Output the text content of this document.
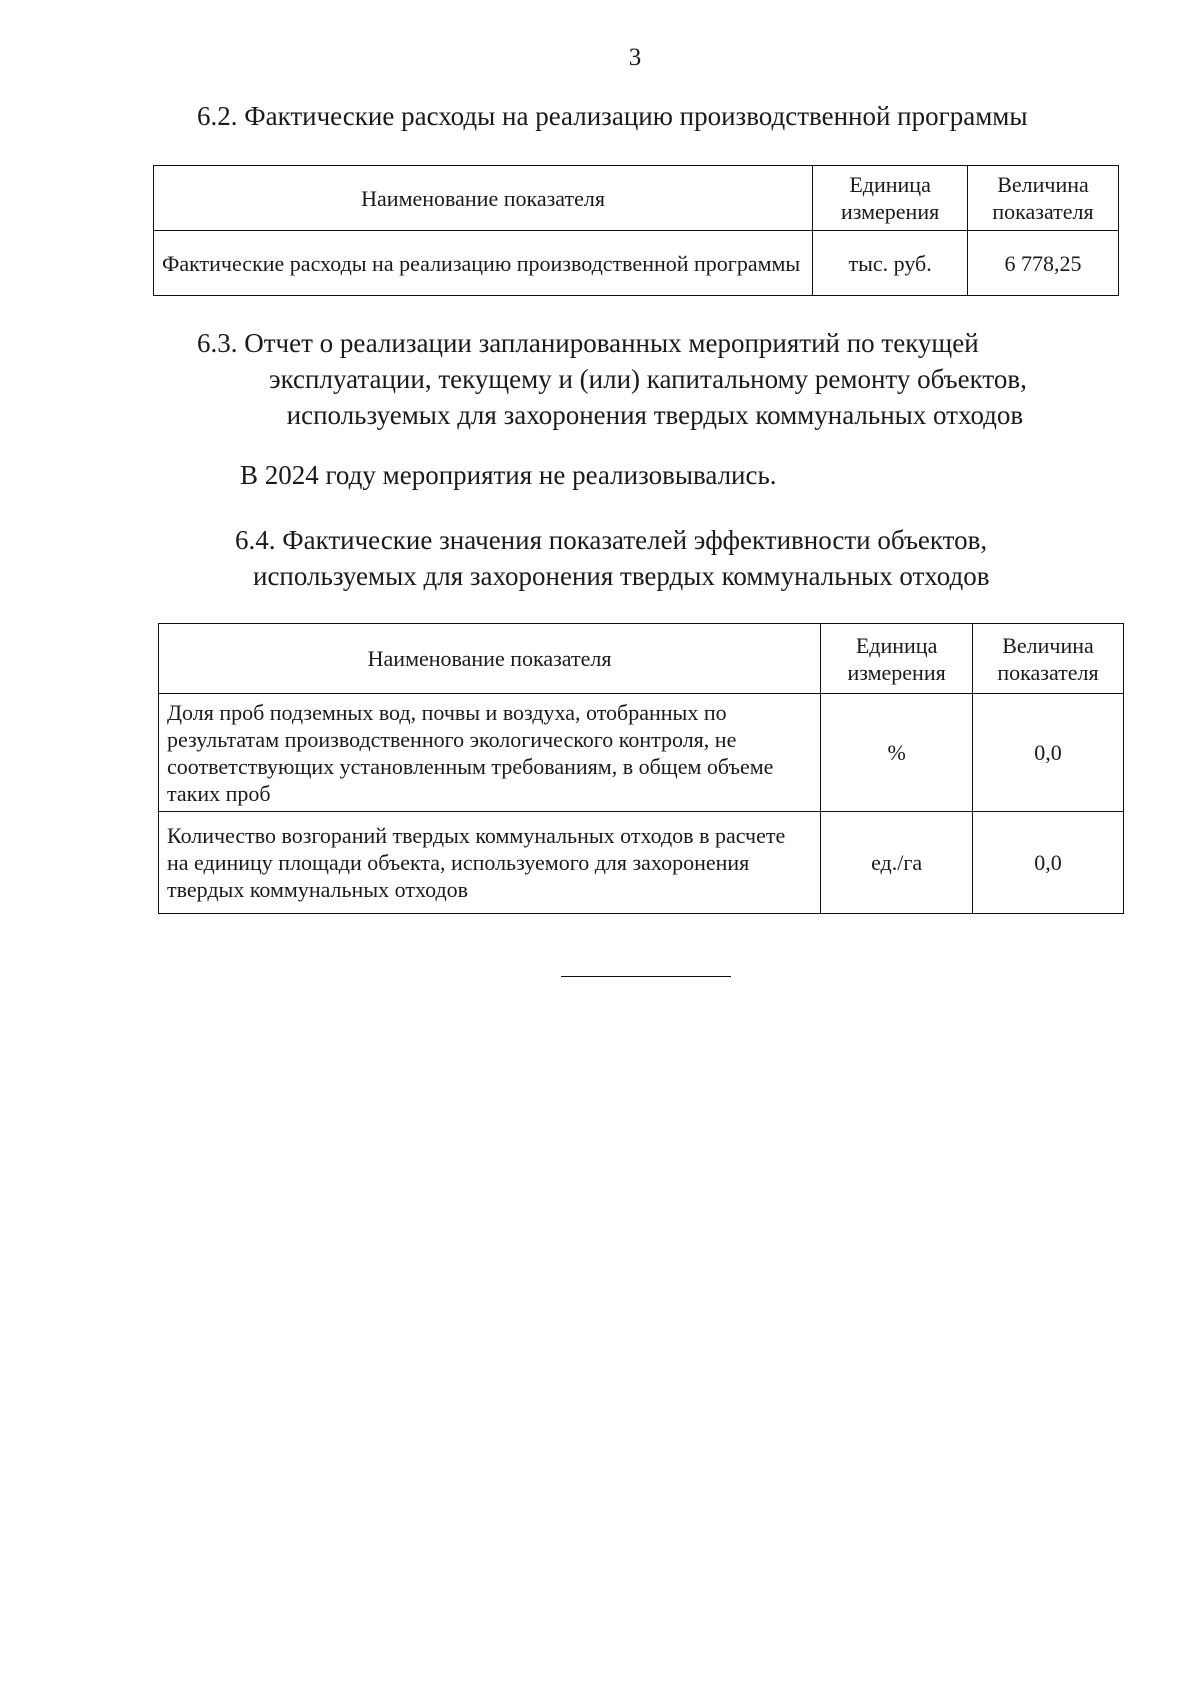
3
6.2. Фактические расходы на реализацию производственной программы
Наименование показателя	Единица измерения	Величина показателя
Фактические расходы на реализацию производственной программы	тыс. руб.	6 778,25
6.3. Отчет о реализации запланированных мероприятий по текущей
эксплуатации, текущему и (или) капитальному ремонту объектов,
используемых для захоронения твердых коммунальных отходов
В 2024 году мероприятия не реализовывались.
6.4. Фактические значения показателей эффективности объектов,
используемых для захоронения твердых коммунальных отходов
Наименование показателя	Единица измерения	Величина показателя
Доля проб подземных вод, почвы и воздуха, отобранных по результатам производственного экологического контроля, не соответствующих установленным требованиям, в общем объеме таких проб	%	0,0
Количество возгораний твердых коммунальных отходов в расчете на единицу площади объекта, используемого для захоронения твердых коммунальных отходов	ед./га	0,0
